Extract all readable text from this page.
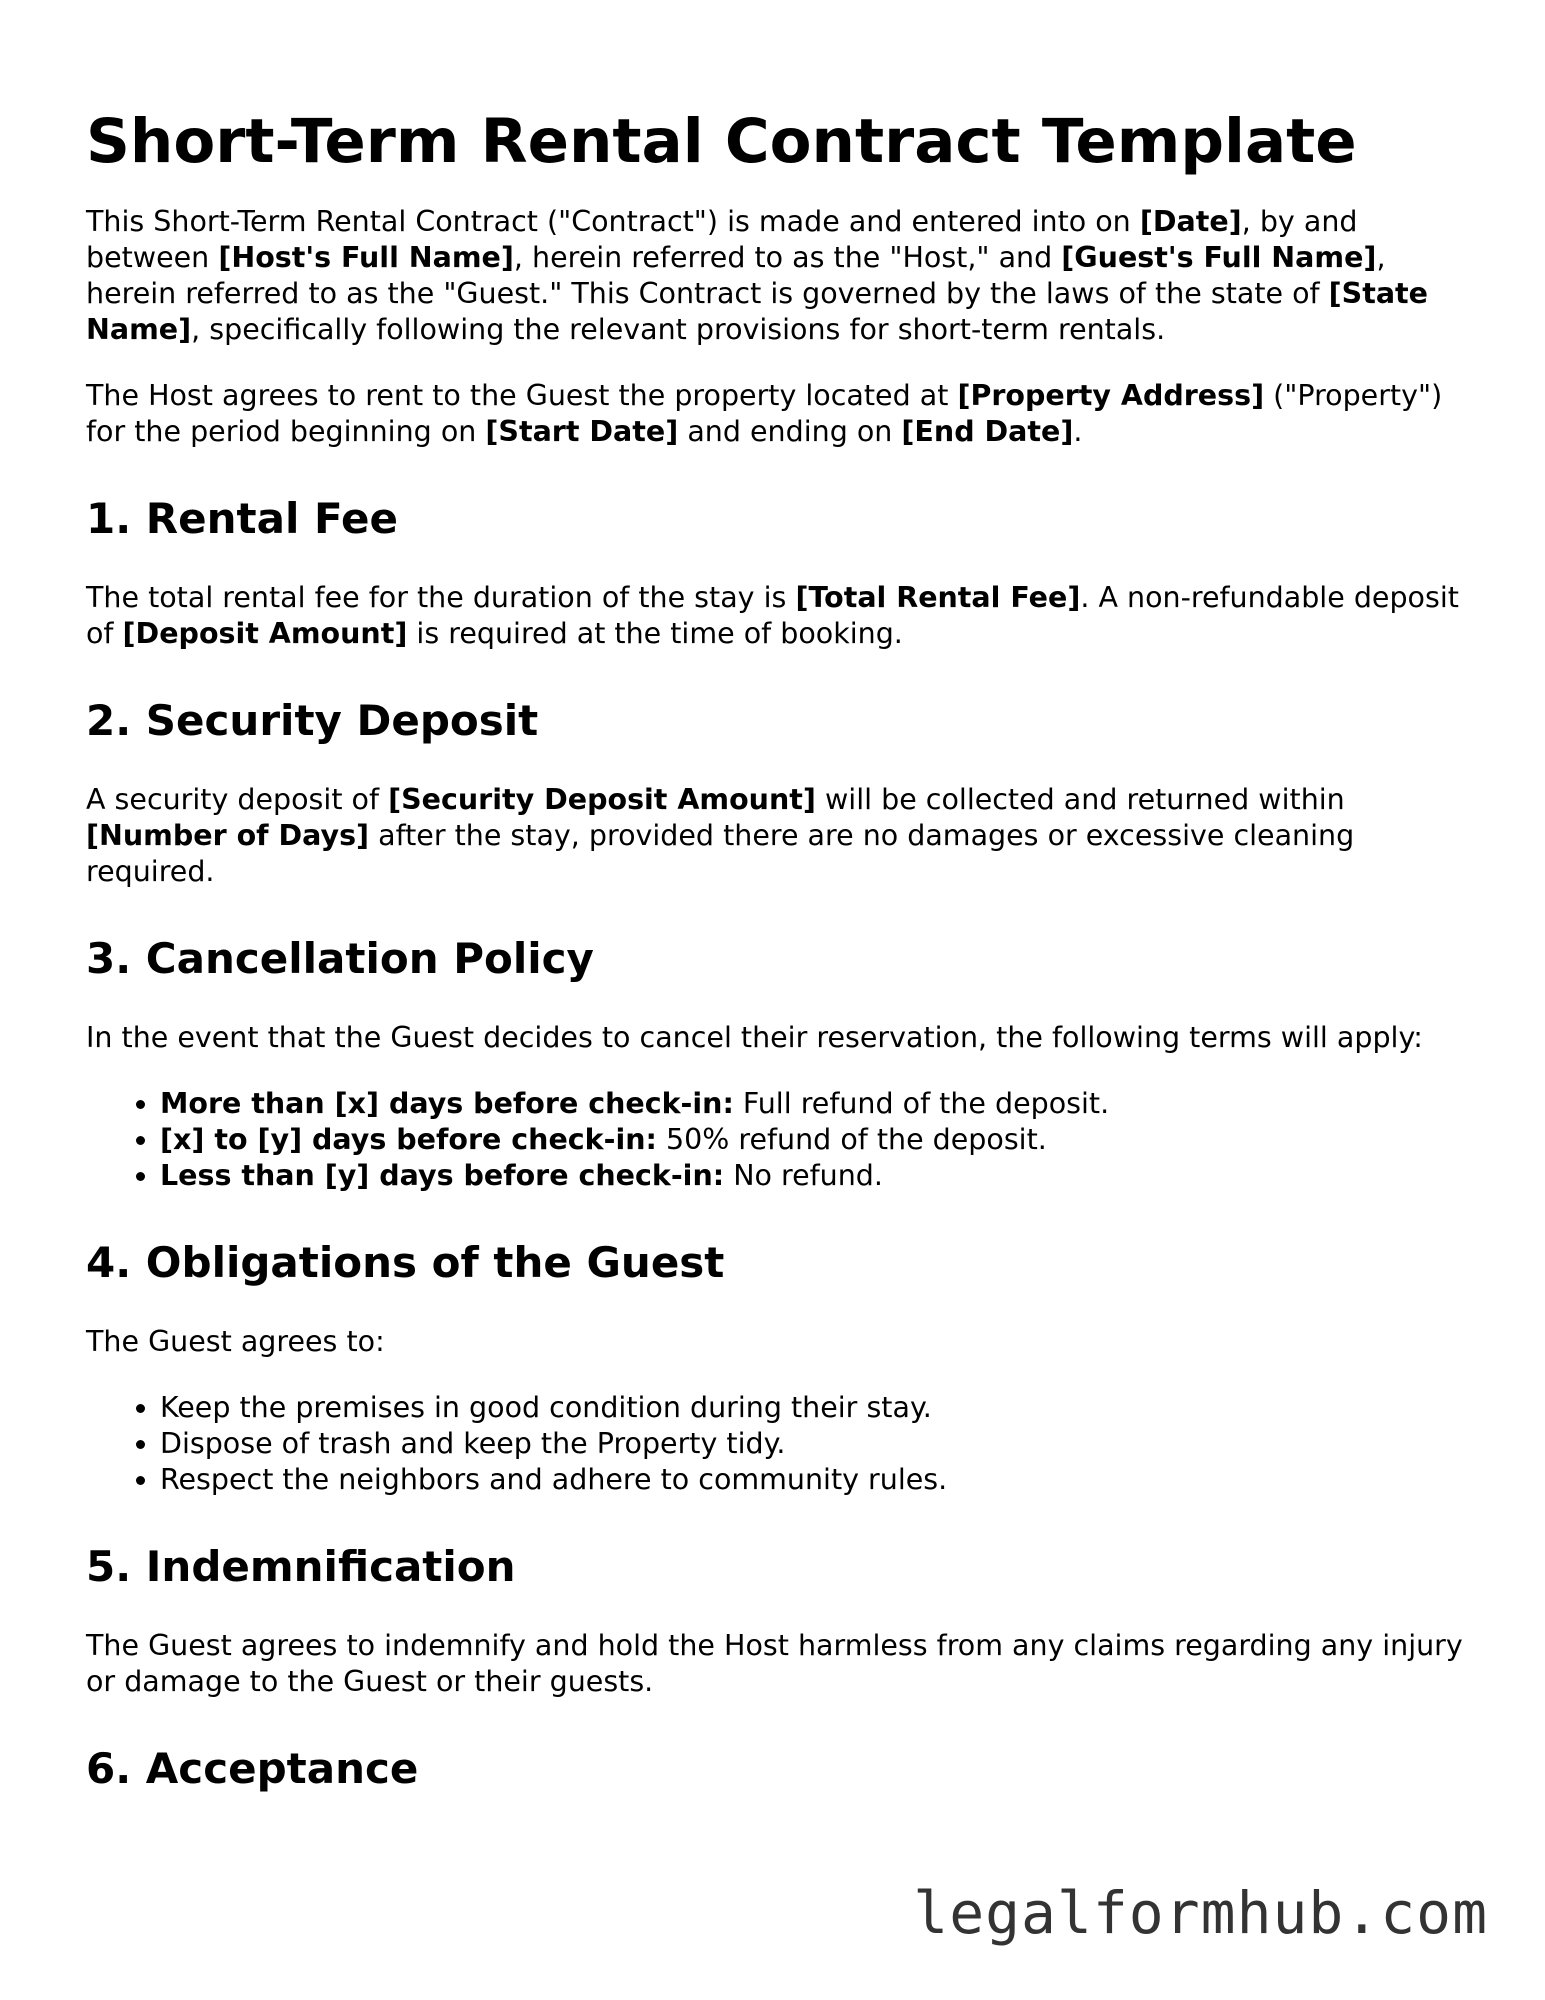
Short-Term Rental Contract Template

This Short-Term Rental Contract ("Contract") is made and entered into on [Date], by and between [Host's Full Name], herein referred to as the "Host," and [Guest's Full Name], herein referred to as the "Guest." This Contract is governed by the laws of the state of [State Name], specifically following the relevant provisions for short-term rentals.

The Host agrees to rent to the Guest the property located at [Property Address] ("Property") for the period beginning on [Start Date] and ending on [End Date].

1. Rental Fee

The total rental fee for the duration of the stay is [Total Rental Fee]. A non-refundable deposit of [Deposit Amount] is required at the time of booking.

2. Security Deposit

A security deposit of [Security Deposit Amount] will be collected and returned within [Number of Days] after the stay, provided there are no damages or excessive cleaning required.

3. Cancellation Policy

In the event that the Guest decides to cancel their reservation, the following terms will apply:

• More than [x] days before check-in: Full refund of the deposit.
• [x] to [y] days before check-in: 50% refund of the deposit.
• Less than [y] days before check-in: No refund.
4. Obligations of the Guest

The Guest agrees to:

• Keep the premises in good condition during their stay.
• Dispose of trash and keep the Property tidy.
• Respect the neighbors and adhere to community rules.
5. Indemnification

The Guest agrees to indemnify and hold the Host harmless from any claims regarding any injury or damage to the Guest or their guests.

6. Acceptance
legalformhub.com
